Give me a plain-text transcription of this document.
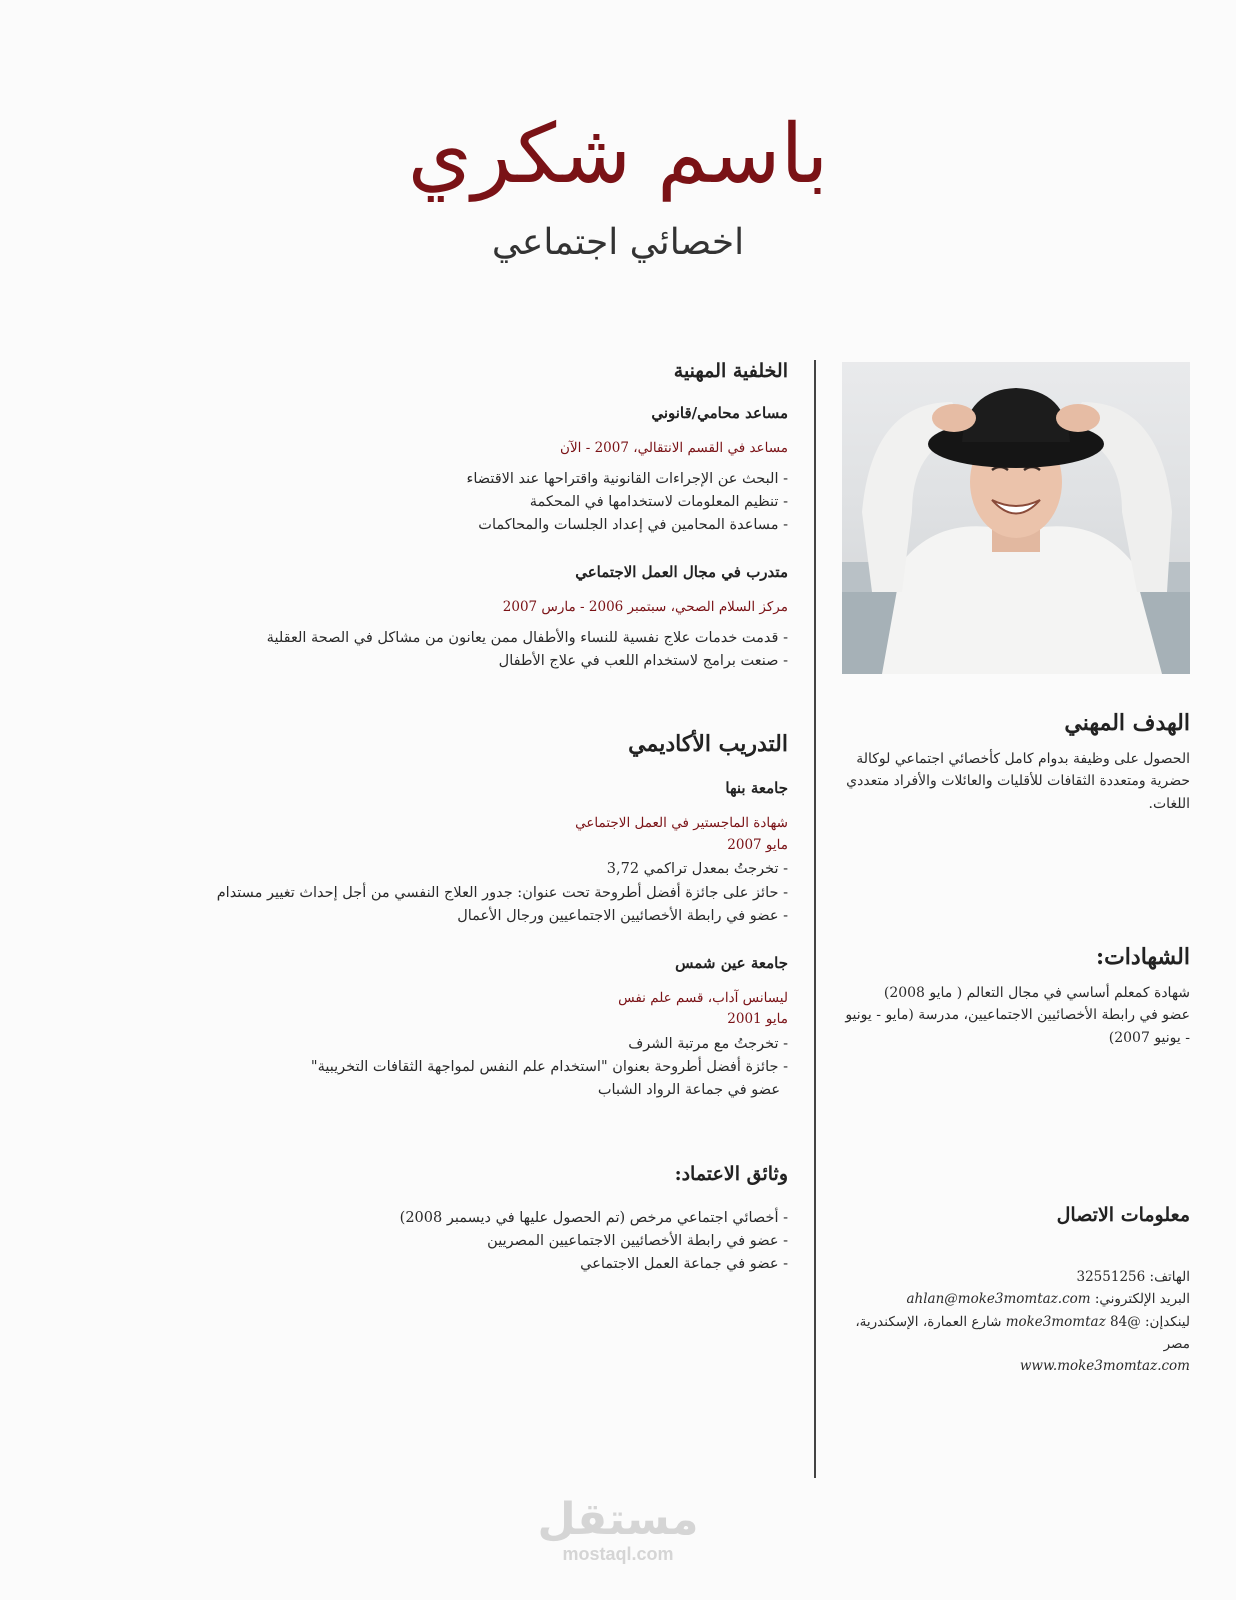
باسم شكري
اخصائي اجتماعي
الخلفية المهنية
مساعد محامي/قانوني
مساعد في القسم الانتقالي، 2007 - الآن
- البحث عن الإجراءات القانونية واقتراحها عند الاقتضاء
- تنظيم المعلومات لاستخدامها في المحكمة
- مساعدة المحامين في إعداد الجلسات والمحاكمات
متدرب في مجال العمل الاجتماعي
مركز السلام الصحي، سبتمبر 2006 - مارس 2007
- قدمت خدمات علاج نفسية للنساء والأطفال ممن يعانون من مشاكل في الصحة العقلية
- صنعت برامج لاستخدام اللعب في علاج الأطفال
التدريب الأكاديمي
جامعة بنها
شهادة الماجستير في العمل الاجتماعي
مايو 2007
- تخرجتُ بمعدل تراكمي 3,72
- حائز على جائزة أفضل أطروحة تحت عنوان: جدور العلاج النفسي من أجل إحداث تغيير مستدام
- عضو في رابطة الأخصائيين الاجتماعيين ورجال الأعمال
جامعة عين شمس
ليسانس آداب، قسم علم نفس
مايو 2001
- تخرجتُ مع مرتبة الشرف
- جائزة أفضل أطروحة بعنوان "استخدام علم النفس لمواجهة الثقافات التخريبية"
عضو في جماعة الرواد الشباب
وثائق الاعتماد:
- أخصائي اجتماعي مرخص (تم الحصول عليها في ديسمبر 2008)
- عضو في رابطة الأخصائيين الاجتماعيين المصريين
- عضو في جماعة العمل الاجتماعي
الهدف المهني

الحصول على وظيفة بدوام كامل كأخصائي اجتماعي لوكالة حضرية ومتعددة الثقافات للأقليات والعائلات والأفراد متعددي اللغات.

الشهادات:

شهادة كمعلم أساسي في مجال التعالم ( مايو 2008)

عضو في رابطة الأخصائيين الاجتماعيين، مدرسة (مايو - يونيو - يونيو 2007)

معلومات الاتصال

الهاتف: 32551256

البريد الإلكتروني: ahlan@moke3momtaz.com

لينكدإن: @moke3momtaz 84 شارع العمارة، الإسكندرية، مصر

www.moke3momtaz.com

مستقل
mostaql.com
